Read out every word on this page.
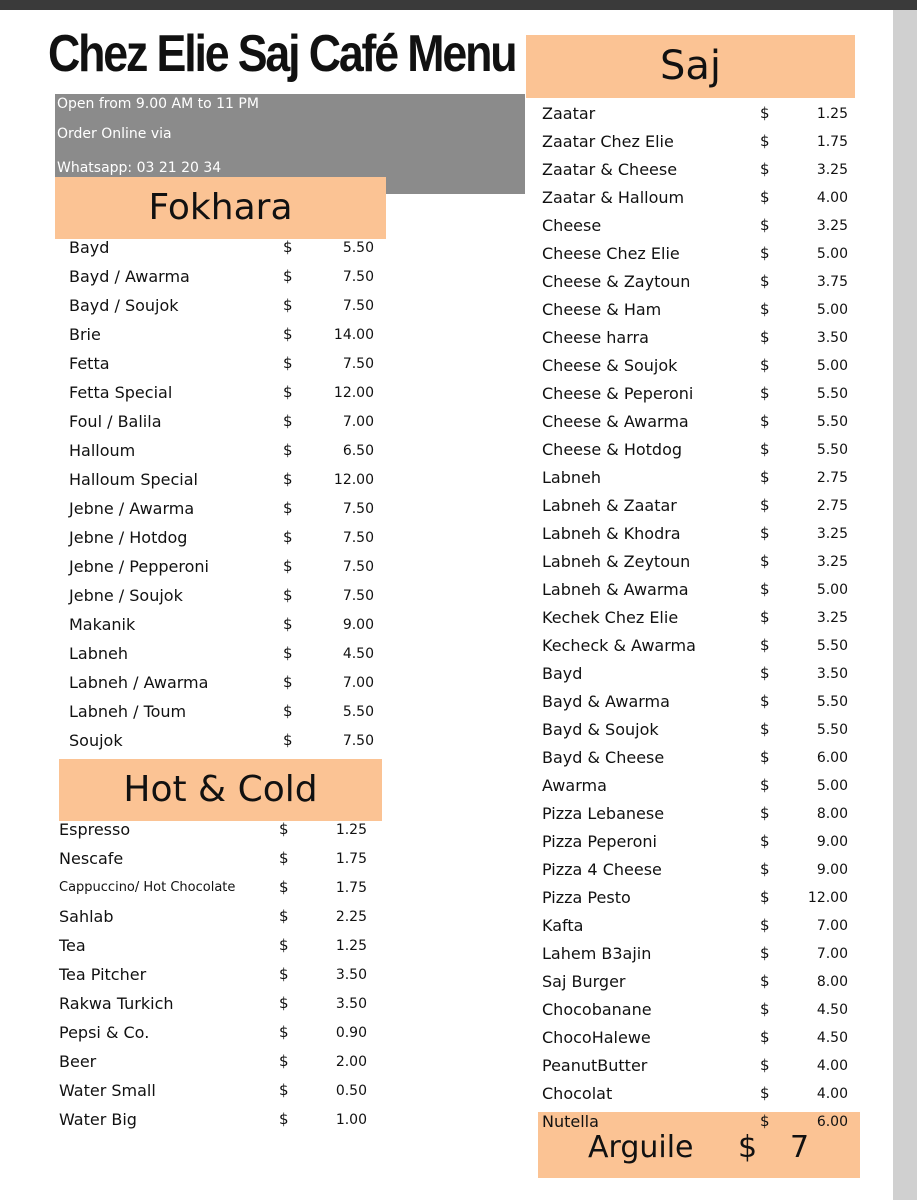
Chez Elie Saj Café Menu
Open from 9.00 AM to 11 PM
Order Online via
Whatsapp: 03 21 20 34
Fokhara
Hot & Cold
Saj
Bayd	$	5.50
Bayd / Awarma	$	7.50
Bayd / Soujok	$	7.50
Brie	$	14.00
Fetta	$	7.50
Fetta Special	$	12.00
Foul / Balila	$	7.00
Halloum	$	6.50
Halloum Special	$	12.00
Jebne / Awarma	$	7.50
Jebne / Hotdog	$	7.50
Jebne / Pepperoni	$	7.50
Jebne / Soujok	$	7.50
Makanik	$	9.00
Labneh	$	4.50
Labneh / Awarma	$	7.00
Labneh / Toum	$	5.50
Soujok	$	7.50
Espresso	$	1.25
Nescafe	$	1.75
Cappuccino/ Hot Chocolate	$	1.75
Sahlab	$	2.25
Tea	$	1.25
Tea Pitcher	$	3.50
Rakwa Turkich	$	3.50
Pepsi & Co.	$	0.90
Beer	$	2.00
Water Small	$	0.50
Water Big	$	1.00
Zaatar	$	1.25
Zaatar Chez Elie	$	1.75
Zaatar & Cheese	$	3.25
Zaatar & Halloum	$	4.00
Cheese	$	3.25
Cheese Chez Elie	$	5.00
Cheese & Zaytoun	$	3.75
Cheese & Ham	$	5.00
Cheese harra	$	3.50
Cheese & Soujok	$	5.00
Cheese & Peperoni	$	5.50
Cheese & Awarma	$	5.50
Cheese & Hotdog	$	5.50
Labneh	$	2.75
Labneh & Zaatar	$	2.75
Labneh & Khodra	$	3.25
Labneh & Zeytoun	$	3.25
Labneh & Awarma	$	5.00
Kechek Chez Elie	$	3.25
Kecheck & Awarma	$	5.50
Bayd	$	3.50
Bayd & Awarma	$	5.50
Bayd & Soujok	$	5.50
Bayd & Cheese	$	6.00
Awarma	$	5.00
Pizza Lebanese	$	8.00
Pizza Peperoni	$	9.00
Pizza 4 Cheese	$	9.00
Pizza Pesto	$	12.00
Kafta	$	7.00
Lahem B3ajin	$	7.00
Saj Burger	$	8.00
Chocobanane	$	4.50
ChocoHalewe	$	4.50
PeanutButter	$	4.00
Chocolat	$	4.00
Nutella	$	6.00
Arguile $ 7
